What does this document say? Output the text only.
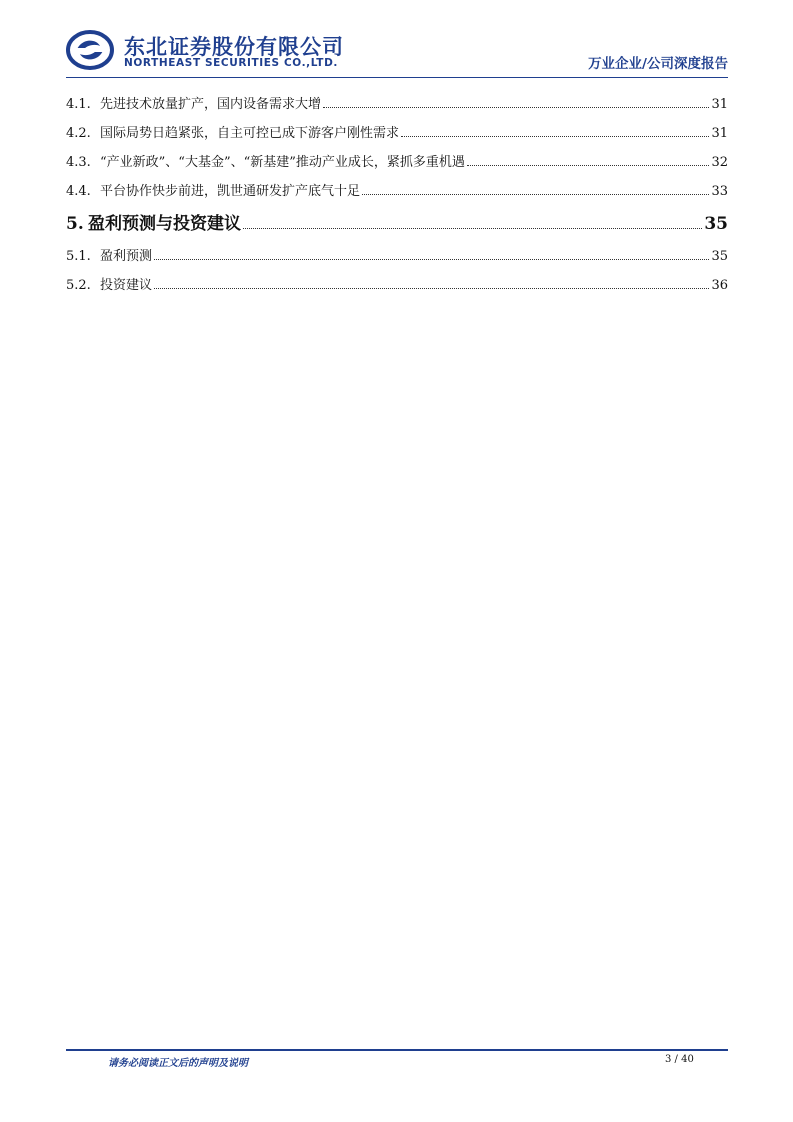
东北证券股份有限公司
NORTHEAST SECURITIES CO.,LTD.	万业企业/公司深度报告
4.1. 先进技术放量扩产，国内设备需求大增	31
4.2. 国际局势日趋紧张，自主可控已成下游客户刚性需求	31
4.3. “产业新政”、“大基金”、“新基建”推动产业成长，紧抓多重机遇	32
4.4. 平台协作快步前进，凯世通研发扩产底气十足	33
5. 盈利预测与投资建议	35
5.1. 盈利预测	35
5.2. 投资建议	36
请务必阅读正文后的声明及说明	3 / 40
